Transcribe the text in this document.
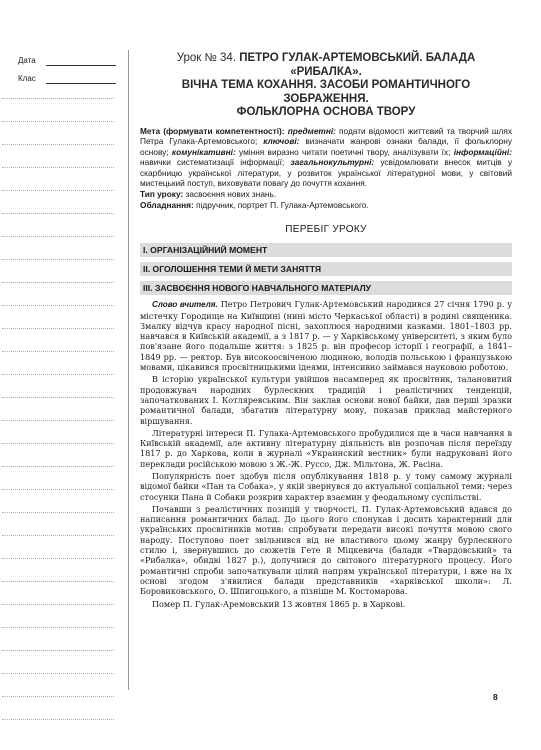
Дата
Клас
Урок № 34. ПЕТРО ГУЛАК-АРТЕМОВСЬКИЙ. БАЛАДА «РИБАЛКА».
ВІЧНА ТЕМА КОХАННЯ. ЗАСОБИ РОМАНТИЧНОГО ЗОБРАЖЕННЯ.
ФОЛЬКЛОРНА ОСНОВА ТВОРУ

Мета (формувати компетентності): предметні: подати відомості життєвий та творчий шлях Петра Гулака-Артемовського; ключові: визначати жанрові ознаки балади, її фольклорну основу; комунікативні: уміння виразно читати поетичні твору, аналізувати їх; інформаційні: навички систематизації інформації; загальнокультурні: усвідомлювати внесок митців у скарбницю української літератури, у розвиток української літературної мови, у світовий мистецький поступ, виховувати повагу до почуття кохання.

Тип уроку: засвоєння нових знань.

Обладнання: підручник, портрет П. Гулака-Артемовського.

ПЕРЕБІГ УРОКУ
I. ОРГАНІЗАЦІЙНИЙ МОМЕНТ
II. ОГОЛОШЕННЯ ТЕМИ Й МЕТИ ЗАНЯТТЯ
III. ЗАСВОЄННЯ НОВОГО НАВЧАЛЬНОГО МАТЕРІАЛУ

Слово вчителя. Петро Петрович Гулак-Артемовський народився 27 січня 1790 р. у містечку Городище на Київщині (нині місто Черкаської області) в родині священика. Змалку відчув красу народної пісні, захоплюся народними казками. 1801–1803 рр. навчався в Київській академії, а з 1817 р. — у Харківському університеті, з яким було пов'язане його подальше життя: з 1825 р. він професор історії і географії, а 1841–1849 рр. — ректор. Був високоосвіченою людиною, володів польською і французькою мовами, цікавився просвітницькими ідеями, інтенсивно займався науковою роботою.

В історію української культури увійшов насамперед як просвітник, талановитий продовжувач народних бурлескних традицій і реалістичних тенденцій, започаткованих І. Котляревським. Він заклав основи нової байки, дав перші зразки романтичної балади, збагатив літературну мову, показав приклад майстерного віршування.

Літературні інтереси П. Гулака-Артемовського пробудилися ще в часи навчання в Київській академії, але активну літературну діяльність він розпочав після переїзду 1817 р. до Харкова, коли в журналі «Украинский вестник» були надруковані його переклади російською мовою з Ж.-Ж. Руссо, Дж. Мільтона, Ж. Расіна.

Популярність поет здобув після опублікування 1818 р. у тому самому журналі відомої байки «Пан та Собака», у якій звернувся до актуальної соціальної теми: через стосунки Пана й Собаки розкрив характер взаємин у феодальному суспільстві.

Почавши з реалістичних позицій у творчості, П. Гулак-Артемовський вдався до написання романтичних балад. До цього його спонукав і досить характерний для українських просвітників мотив: спробувати передати високі почуття мовою свого народу. Поступово поет звільнився від не властивого цьому жанру бурлескного стилю і, звернувшись до сюжетів Гете й Міцкевича (балади «Твардовський» та «Рибалка», обидві 1827 р.), долучився до світового літературного процесу. Його романтичні спроби започаткували цілий напрям української літератури, і вже на їх основі згодом з'явилися балади представників «харківської школи»: Л. Боровиковського, О. Шпигоцького, а пізніше М. Костомарова.

Помер П. Гулак-Аремовський 13 жовтня 1865 р. в Харкові.

8
